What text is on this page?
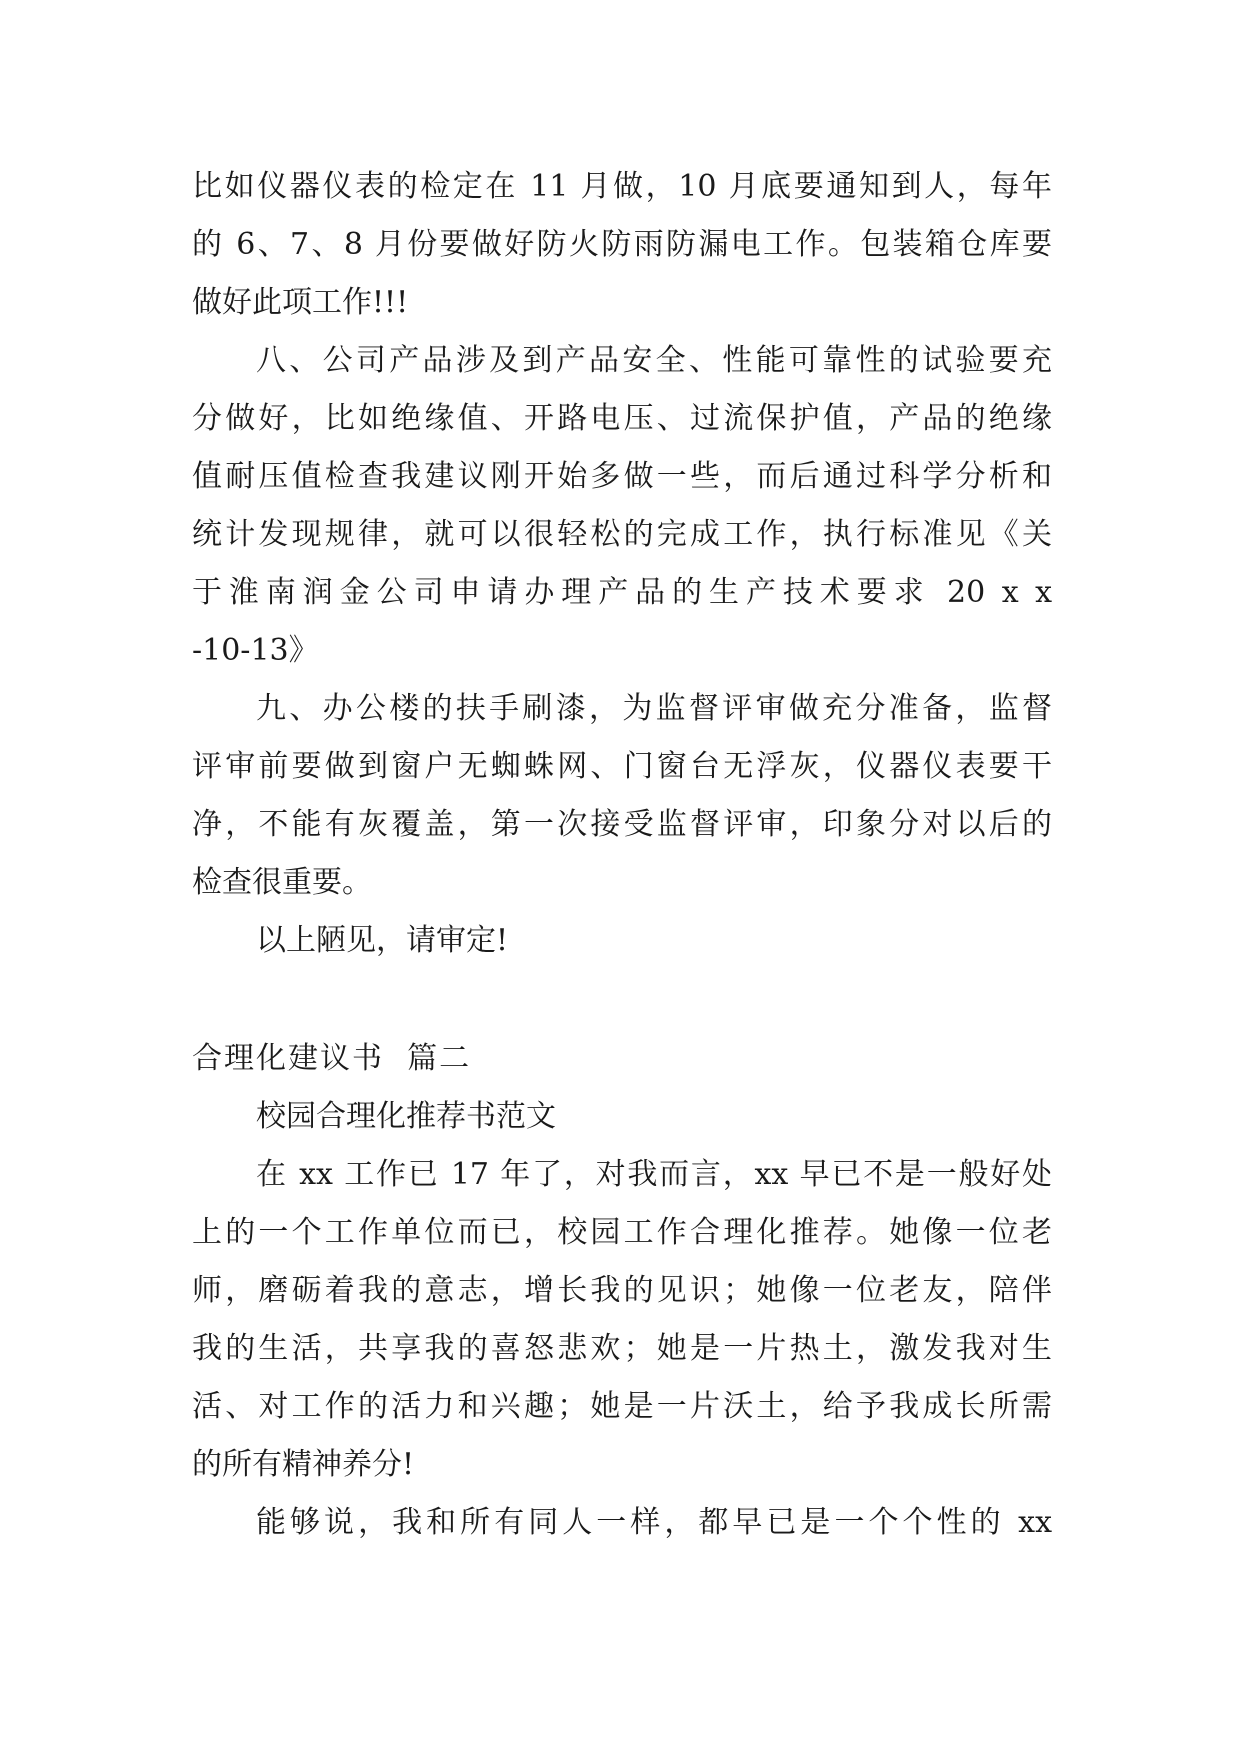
比如仪器仪表的检定在 11 月做，10 月底要通知到人，每年
的 6、7、8 月份要做好防火防雨防漏电工作。包装箱仓库要
做好此项工作!!!
八、公司产品涉及到产品安全、性能可靠性的试验要充
分做好，比如绝缘值、开路电压、过流保护值，产品的绝缘
值耐压值检查我建议刚开始多做一些，而后通过科学分析和
统计发现规律，就可以很轻松的完成工作，执行标准见《关
于淮南润金公司申请办理产品的生产技术要求 20 x x
-10-13》
九、办公楼的扶手刷漆，为监督评审做充分准备，监督
评审前要做到窗户无蜘蛛网、门窗台无浮灰，仪器仪表要干
净，不能有灰覆盖，第一次接受监督评审，印象分对以后的
检查很重要。
以上陋见，请审定!
合理化建议书  篇二
校园合理化推荐书范文
在 xx 工作已 17 年了，对我而言，xx 早已不是一般好处
上的一个工作单位而已，校园工作合理化推荐。她像一位老
师，磨砺着我的意志，增长我的见识；她像一位老友，陪伴
我的生活，共享我的喜怒悲欢；她是一片热土，激发我对生
活、对工作的活力和兴趣；她是一片沃土，给予我成长所需
的所有精神养分!
能够说，我和所有同人一样，都早已是一个个性的 xx
